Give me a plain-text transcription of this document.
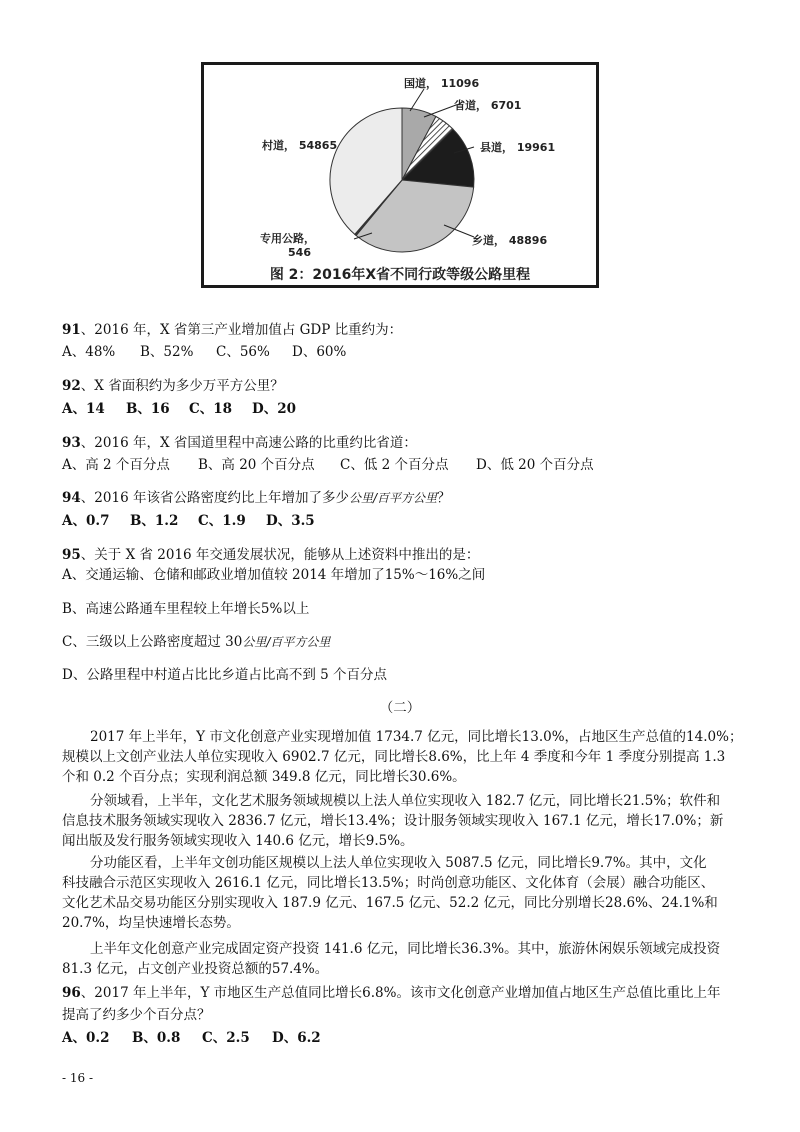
国道， 11096
省道， 6701
县道， 19961
乡道， 48896
专用公路，
546
村道， 54865
图 2：2016年X省不同行政等级公路里程
91、2016 年，X 省第三产业增加值占 GDP 比重约为：
A、48% B、52% C、56% D、60%
92、X 省面积约为多少万平方公里？
A、14 B、16 C、18 D、20
93、2016 年，X 省国道里程中高速公路的比重约比省道：
A、高 2 个百分点 B、高 20 个百分点 C、低 2 个百分点 D、低 20 个百分点
94、2016 年该省公路密度约比上年增加了多少公里/百平方公里？
A、0.7 B、1.2 C、1.9 D、3.5
95、关于 X 省 2016 年交通发展状况，能够从上述资料中推出的是：
A、交通运输、仓储和邮政业增加值较 2014 年增加了15%～16%之间
B、高速公路通车里程较上年增长5%以上
C、三级以上公路密度超过 30公里/百平方公里
D、公路里程中村道占比比乡道占比高不到 5 个百分点
（二）
2017 年上半年，Y 市文化创意产业实现增加值 1734.7 亿元，同比增长13.0%，占地区生产总值的14.0%；
规模以上文创产业法人单位实现收入 6902.7 亿元，同比增长8.6%，比上年 4 季度和今年 1 季度分别提高 1.3
个和 0.2 个百分点；实现利润总额 349.8 亿元，同比增长30.6%。
分领域看，上半年，文化艺术服务领域规模以上法人单位实现收入 182.7 亿元，同比增长21.5%；软件和
信息技术服务领域实现收入 2836.7 亿元，增长13.4%；设计服务领域实现收入 167.1 亿元，增长17.0%；新
闻出版及发行服务领域实现收入 140.6 亿元，增长9.5%。
分功能区看，上半年文创功能区规模以上法人单位实现收入 5087.5 亿元，同比增长9.7%。其中，文化
科技融合示范区实现收入 2616.1 亿元，同比增长13.5%；时尚创意功能区、文化体育（会展）融合功能区、
文化艺术品交易功能区分别实现收入 187.9 亿元、167.5 亿元、52.2 亿元，同比分别增长28.6%、24.1%和
20.7%，均呈快速增长态势。
上半年文化创意产业完成固定资产投资 141.6 亿元，同比增长36.3%。其中，旅游休闲娱乐领域完成投资
81.3 亿元，占文创产业投资总额的57.4%。
96、2017 年上半年，Y 市地区生产总值同比增长6.8%。该市文化创意产业增加值占地区生产总值比重比上年
提高了约多少个百分点？
A、0.2 B、0.8 C、2.5 D、6.2
- 16 -
